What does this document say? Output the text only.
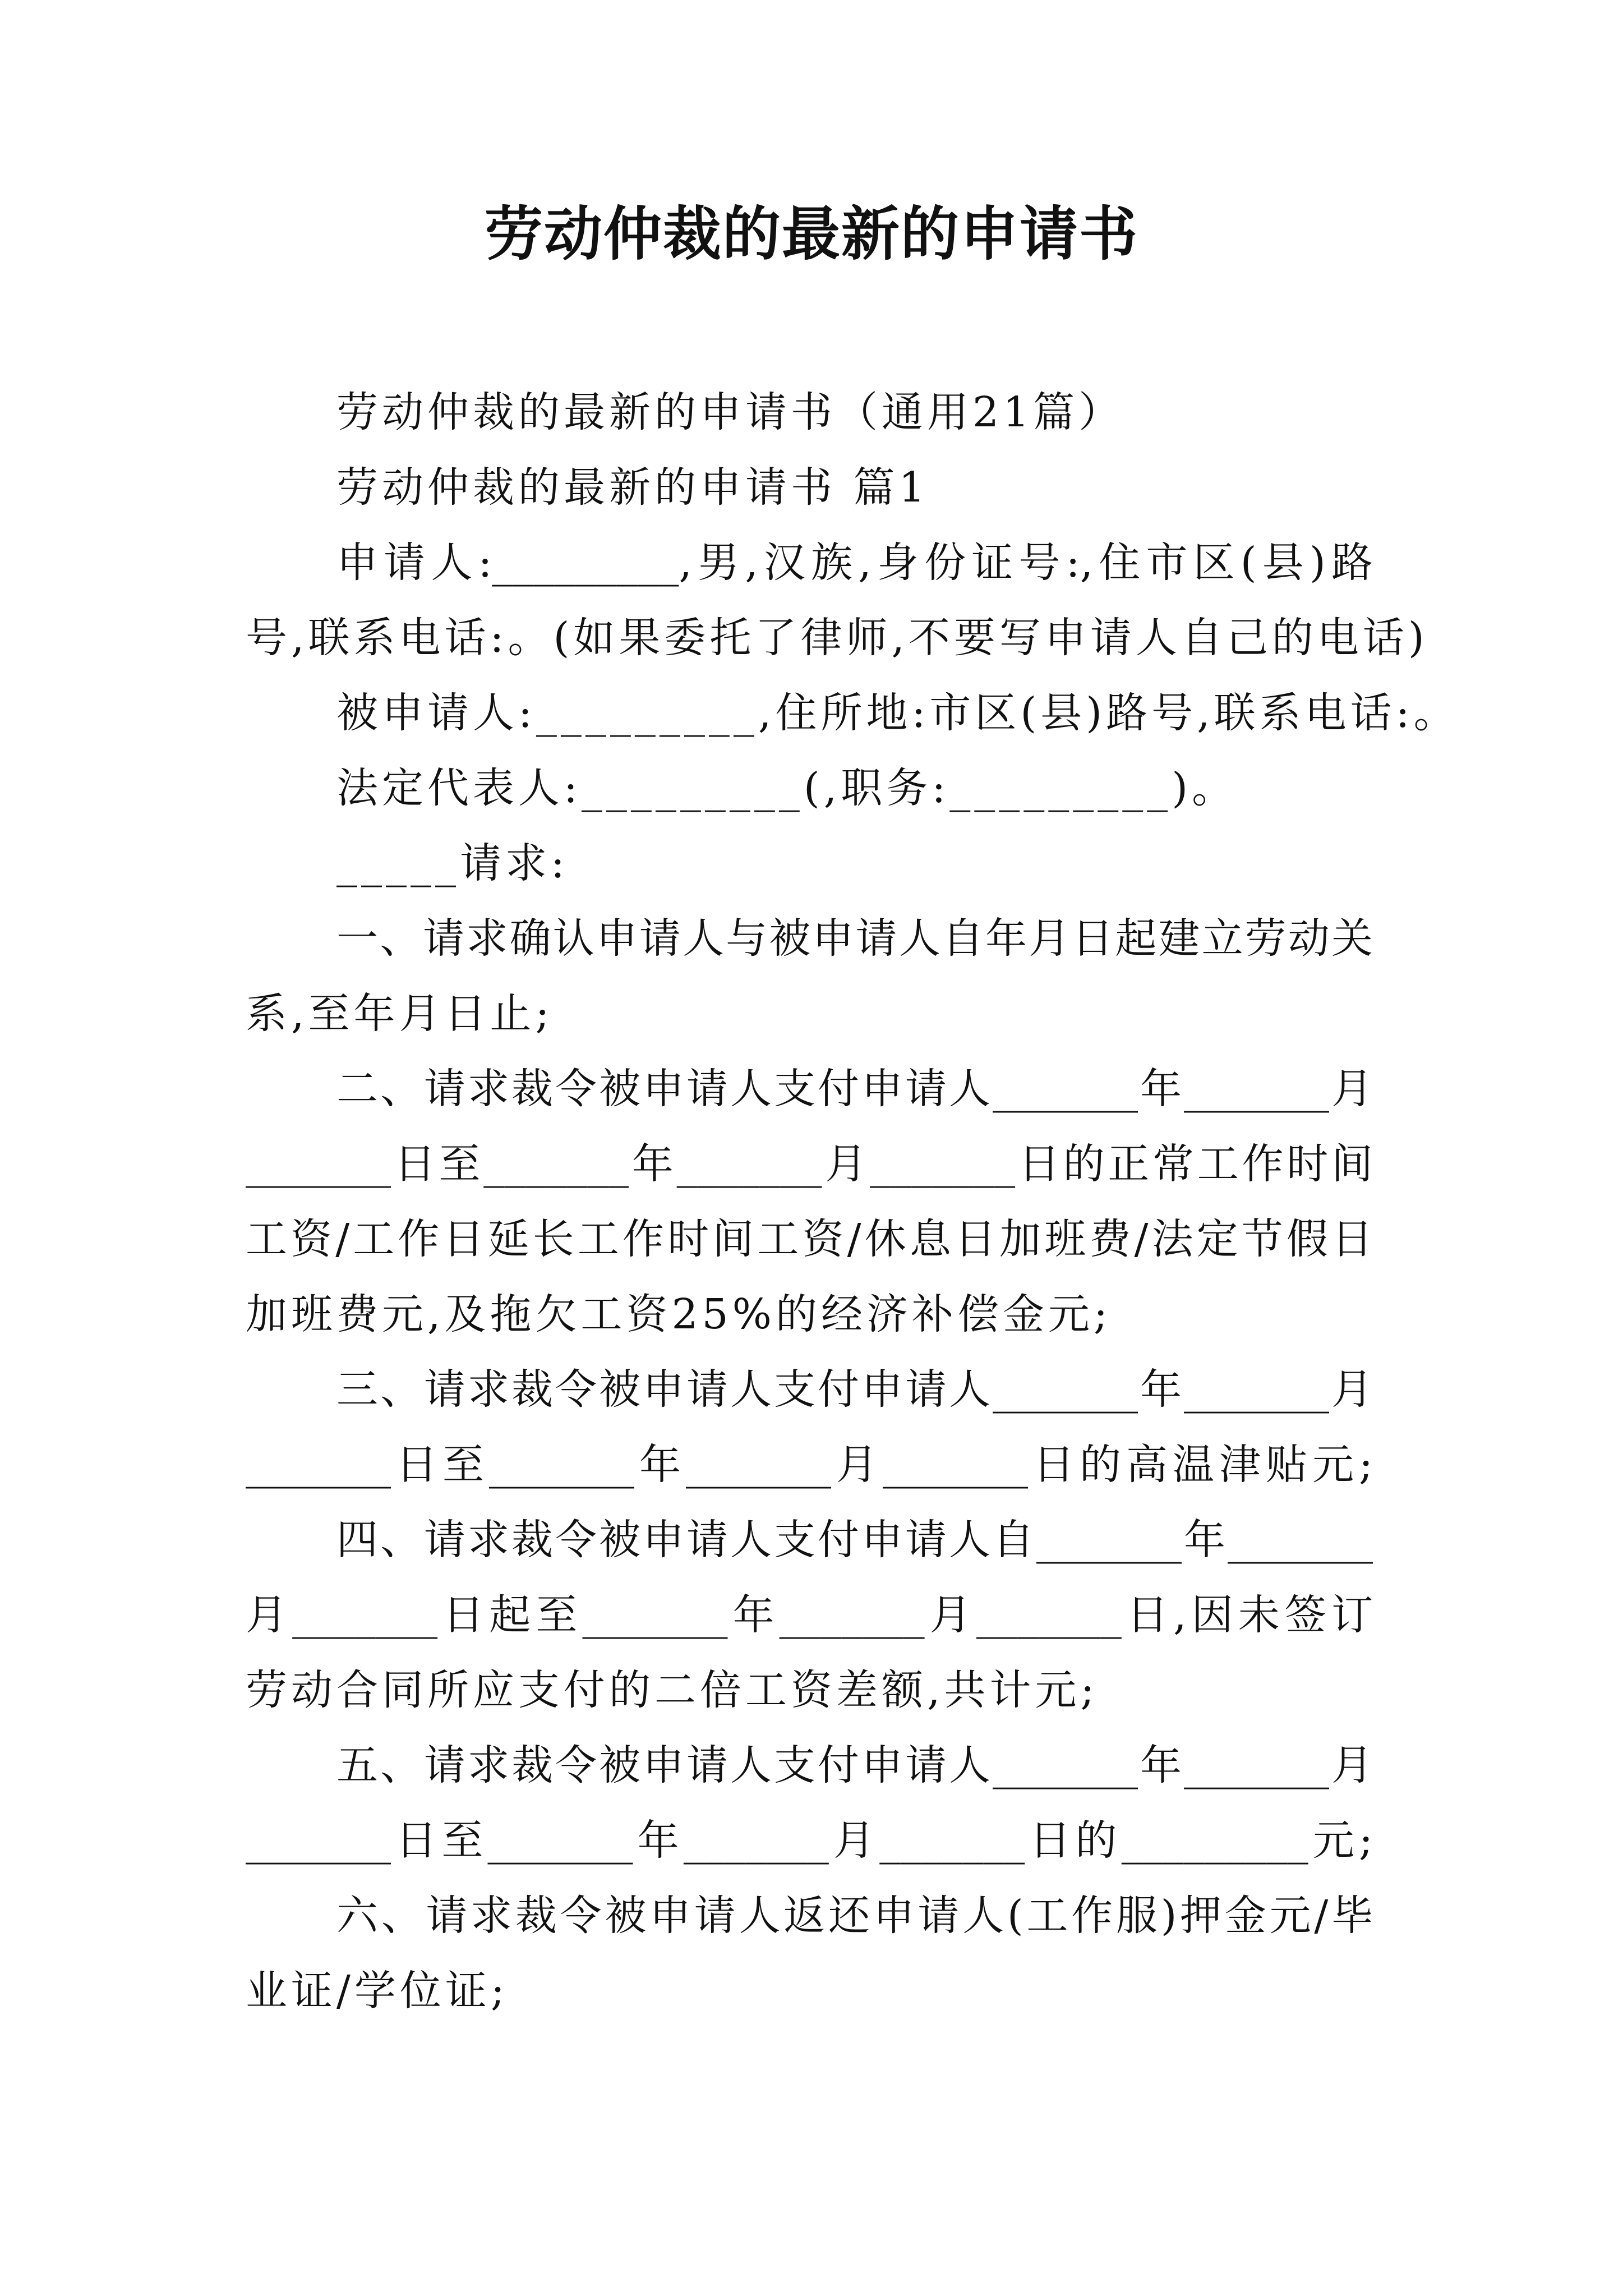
劳动仲裁的最新的申请书
劳动仲裁的最新的申请书（通用21篇）
劳动仲裁的最新的申请书 篇1
申请人:_________,男,汉族,身份证号:,住市区(县)路
号,联系电话:。(如果委托了律师,不要写申请人自己的电话)
被申请人:_________,住所地:市区(县)路号,联系电话:。
法定代表人:_________(,职务:_________)。
_____请求:
一、请求确认申请人与被申请人自年月日起建立劳动关
系,至年月日止;
二、请求裁令被申请人支付申请人_______年_______月
_______日至_______年_______月_______日的正常工作时间
工资/工作日延长工作时间工资/休息日加班费/法定节假日
加班费元,及拖欠工资25%的经济补偿金元;
三、请求裁令被申请人支付申请人_______年_______月
_______日至_______年_______月_______日的高温津贴元;
四、请求裁令被申请人支付申请人自_______年_______
月_______日起至_______年_______月_______日,因未签订
劳动合同所应支付的二倍工资差额,共计元;
五、请求裁令被申请人支付申请人_______年_______月
_______日至_______年_______月_______日的_________元;
六、请求裁令被申请人返还申请人(工作服)押金元/毕
业证/学位证;
